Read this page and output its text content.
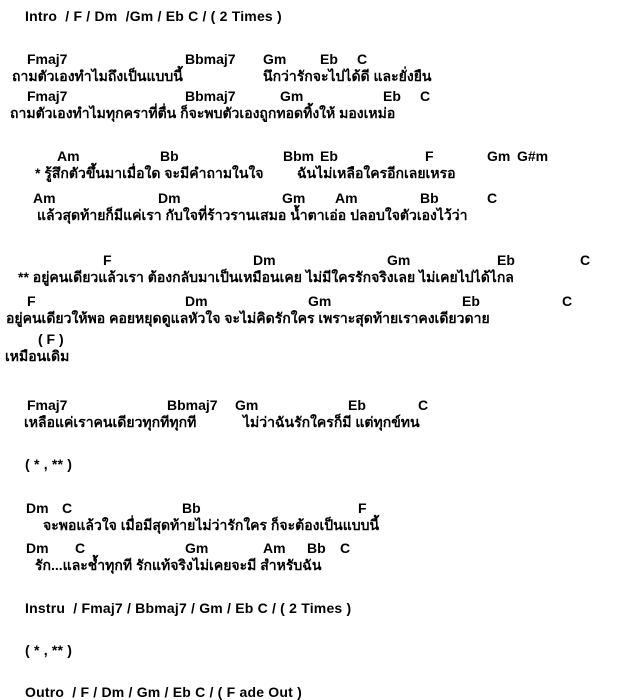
Intro  / F / Dm  /Gm / Eb C / ( 2 Times )
Fmaj7	Bbmaj7 Gm Eb C
ถามตัวเองทำไมถึงเป็นแบบนี้	นึกว่ารักจะไปได้ดี และยั่งยืน
Fmaj7	Bbmaj7	Gm	Eb C
ถามตัวเองทำไมทุกคราที่ตื่น ก็จะพบตัวเองถูกทอดทิ้งให้ มองเหม่อ
Am	Bb	Bbm Eb	F	Gm G#m
* รู้สึกตัวขึ้นมาเมื่อใด จะมีคำถามในใจ ฉันไม่เหลือใครอีกเลยเหรอ
Am	Dm	Gm Am	Bb	C
แล้วสุดท้ายก็มีแค่เรา กับใจที่ร้าวรานเสมอ น้ำตาเอ่อ ปลอบใจตัวเองไว้ว่า
F	Dm	Gm	Eb	C
** อยู่คนเดียวแล้วเรา ต้องกลับมาเป็นเหมือนเคย ไม่มีใครรักจริงเลย ไม่เคยไปได้ไกล
F	Dm	Gm	Eb	C
อยู่คนเดียวให้พอ คอยหยุดดูแลหัวใจ จะไม่คิดรักใคร เพราะสุดท้ายเราคงเดียวดาย
( F )
เหมือนเดิม
Fmaj7	Bbmaj7 Gm	Eb	C
เหลือแค่เราคนเดียวทุกทีทุกที	ไม่ว่าฉันรักใครก็มี แต่ทุกข์ทน
( * , ** )
Dm C	Bb	F
จะพอแล้วใจ เมื่อมีสุดท้ายไม่ว่ารักใคร ก็จะต้องเป็นแบบนี้
Dm C	Gm	Am Bb C
รัก...และช้ำทุกที รักแท้จริงไม่เคยจะมี สำหรับฉัน
Instru  / Fmaj7 / Bbmaj7 / Gm / Eb C / ( 2 Times )
( * , ** )
Outro  / F / Dm / Gm / Eb C / ( F ade Out )
